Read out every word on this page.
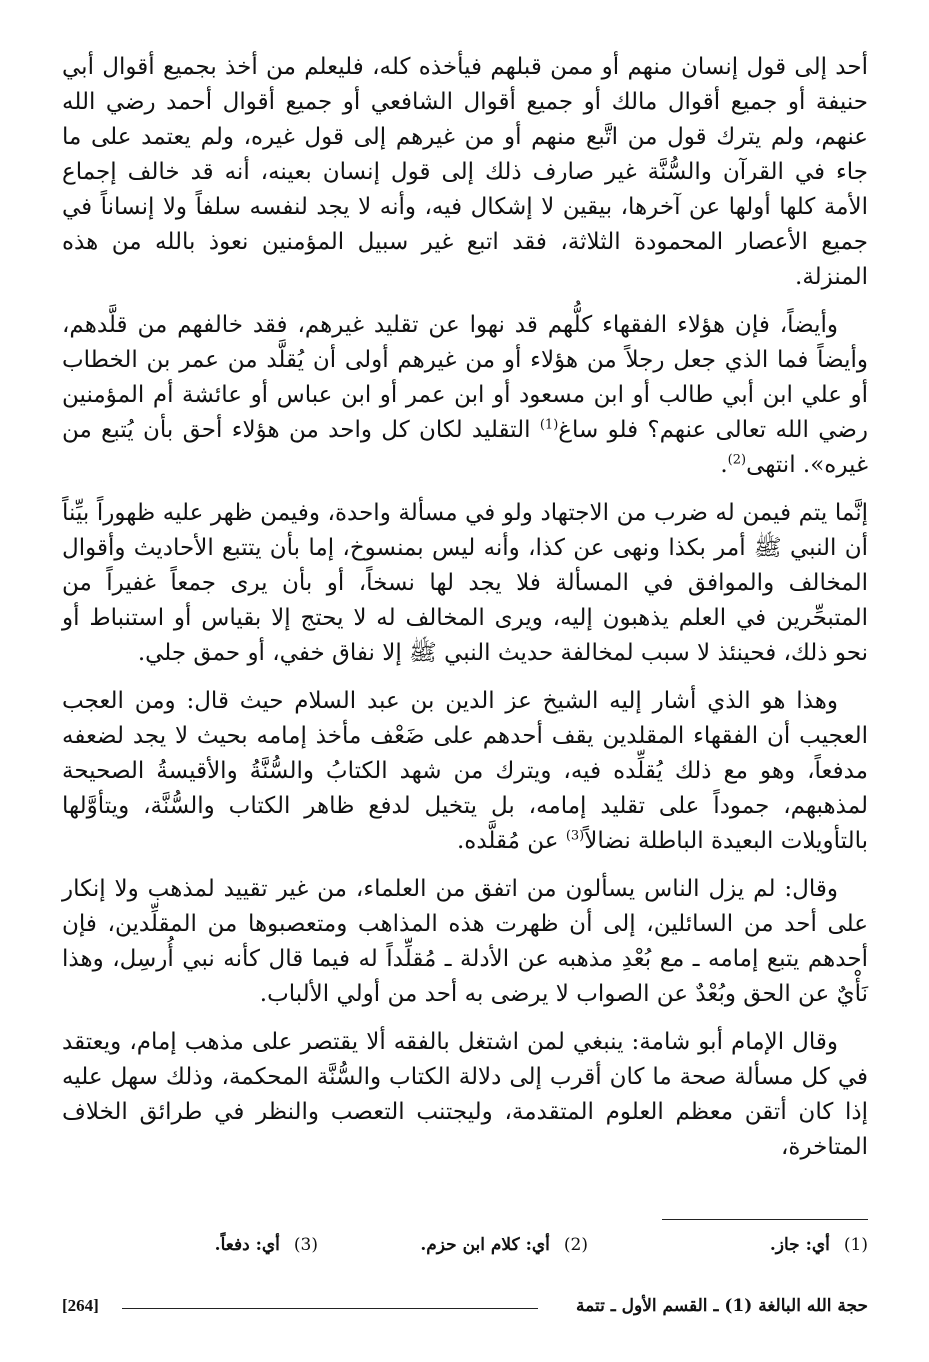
أحد إلى قول إنسان منهم أو ممن قبلهم فيأخذه كله، فليعلم من أخذ بجميع أقوال أبي حنيفة أو جميع أقوال مالك أو جميع أقوال الشافعي أو جميع أقوال أحمد رضي الله عنهم، ولم يترك قول من اتَّبع منهم أو من غيرهم إلى قول غيره، ولم يعتمد على ما جاء في القرآن والسُّنَّة غير صارف ذلك إلى قول إنسان بعينه، أنه قد خالف إجماع الأمة كلها أولها عن آخرها، بيقين لا إشكال فيه، وأنه لا يجد لنفسه سلفاً ولا إنساناً في جميع الأعصار المحمودة الثلاثة، فقد اتبع غير سبيل المؤمنين نعوذ بالله من هذه المنزلة.

وأيضاً، فإن هؤلاء الفقهاء كلُّهم قد نهوا عن تقليد غيرهم، فقد خالفهم من قلَّدهم، وأيضاً فما الذي جعل رجلاً من هؤلاء أو من غيرهم أولى أن يُقلَّد من عمر بن الخطاب أو علي ابن أبي طالب أو ابن مسعود أو ابن عمر أو ابن عباس أو عائشة أم المؤمنين رضي الله تعالى عنهم؟ فلو ساغ$^{(1)}$ التقليد لكان كل واحد من هؤلاء أحق بأن يُتبع من غيره». انتهى$^{(2)}$.

إنَّما يتم فيمن له ضرب من الاجتهاد ولو في مسألة واحدة، وفيمن ظهر عليه ظهوراً بيِّناً أن النبي ﷺ أمر بكذا ونهى عن كذا، وأنه ليس بمنسوخ، إما بأن يتتبع الأحاديث وأقوال المخالف والموافق في المسألة فلا يجد لها نسخاً، أو بأن يرى جمعاً غفيراً من المتبحِّرين في العلم يذهبون إليه، ويرى المخالف له لا يحتج إلا بقياس أو استنباط أو نحو ذلك، فحينئذ لا سبب لمخالفة حديث النبي ﷺ إلا نفاق خفي، أو حمق جلي.

وهذا هو الذي أشار إليه الشيخ عز الدين بن عبد السلام حيث قال: ومن العجب العجيب أن الفقهاء المقلدين يقف أحدهم على ضَعْف مأخذ إمامه بحيث لا يجد لضعفه مدفعاً، وهو مع ذلك يُقلِّده فيه، ويترك من شهد الكتابُ والسُّنَّةُ والأقيسةُ الصحيحة لمذهبهم، جموداً على تقليد إمامه، بل يتخيل لدفع ظاهر الكتاب والسُّنَّة، ويتأوَّلها بالتأويلات البعيدة الباطلة نضالاً$^{(3)}$ عن مُقلَّده.

وقال: لم يزل الناس يسألون من اتفق من العلماء، من غير تقييد لمذهب ولا إنكار على أحد من السائلين، إلى أن ظهرت هذه المذاهب ومتعصبوها من المقلِّدين، فإن أحدهم يتبع إمامه ـ مع بُعْدِ مذهبه عن الأدلة ـ مُقلِّداً له فيما قال كأنه نبي أُرسِل، وهذا نَأْيٌ عن الحق وبُعْدٌ عن الصواب لا يرضى به أحد من أولي الألباب.

وقال الإمام أبو شامة: ينبغي لمن اشتغل بالفقه ألا يقتصر على مذهب إمام، ويعتقد في كل مسألة صحة ما كان أقرب إلى دلالة الكتاب والسُّنَّة المحكمة، وذلك سهل عليه إذا كان أتقن معظم العلوم المتقدمة، وليجتنب التعصب والنظر في طرائق الخلاف المتاخرة،

(1)أي: جاز.
(2)أي: كلام ابن حزم.
(3)أي: دفعاً.
حجة الله البالغة (1) ـ القسم الأول ـ تتمة
[264]
